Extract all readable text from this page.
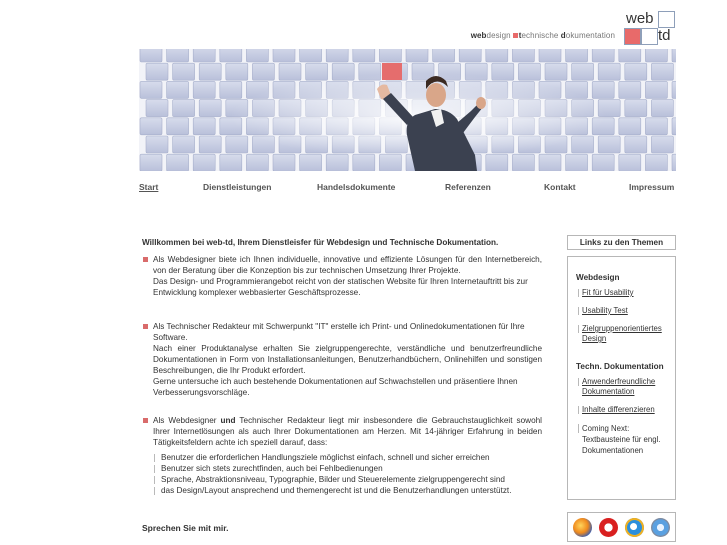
webdesign technische dokumentation
web
td
Start	Dienstleistungen	Handelsdokumente	Referenzen	Kontakt	Impressum
Willkommen bei web-td, Ihrem Dienstleisfer für Webdesign und Technische Dokumentation.

Als Webdesigner biete ich Ihnen individuelle, innovative und effiziente Lösungen für den Internetbereich, von der Beratung über die Konzeption bis zur technischen Umsetzung Ihrer Projekte.

Das Design- und Programmierangebot reicht von der statischen Website für Ihren Internetauftritt bis zur Entwicklung komplexer webbasierter Geschäftsprozesse.

Als Technischer Redakteur mit Schwerpunkt "IT" erstelle ich Print- und Onlinedokumentationen für Ihre Software.

Nach einer Produktanalyse erhalten Sie zielgruppengerechte, verständliche und benutzerfreundliche Dokumentationen in Form von Installationsanleitungen, Benutzerhandbüchern, Onlinehilfen und sonstigen Beschreibungen, die Ihr Produkt erfordert.

Gerne untersuche ich auch bestehende Dokumentationen auf Schwachstellen und präsentiere Ihnen Verbesserungsvorschläge.

Als Webdesigner und Technischer Redakteur liegt mir insbesondere die Gebrauchstauglichkeit sowohl Ihrer Internetlösungen als auch Ihrer Dokumentationen am Herzen. Mit 14-jähriger Erfahrung in beiden Tätigkeitsfeldern achte ich speziell darauf, dass:

Benutzer die erforderlichen Handlungsziele möglichst einfach, schnell und sicher erreichen
Benutzer sich stets zurechtfinden, auch bei Fehlbedienungen
Sprache, Abstraktionsniveau, Typographie, Bilder und Steuerelemente zielgruppengerecht sind
das Design/Layout ansprechend und themengerecht ist und die Benutzerhandlungen unterstützt.
Sprechen Sie mit mir.
Links zu den Themen
Webdesign
Fit für Usability
Usability Test
Zielgruppenorientiertes Design
Techn. Dokumentation
Anwenderfreundliche Dokumentation
Inhalte differenzieren
Coming Next: Textbausteine für engl. Dokumentationen
